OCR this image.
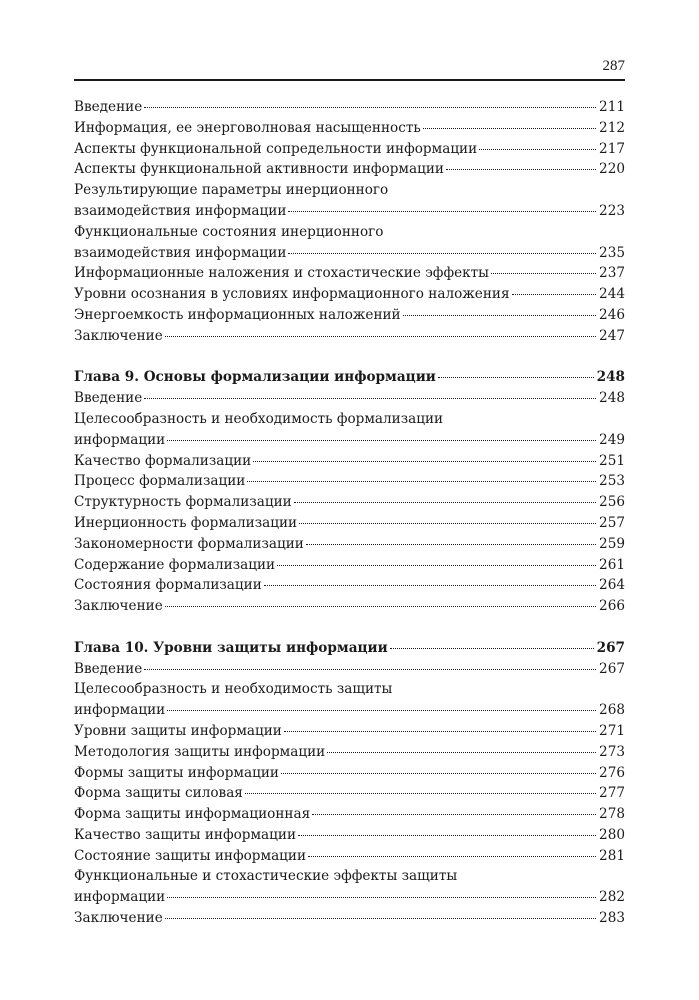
287
Введение	211
Информация, ее энерговолновая насыщенность	212
Аспекты функциональной сопредельности информации	217
Аспекты функциональной активности информации	220
Результирующие параметры инерционного
взаимодействия информации	223
Функциональные состояния инерционного
взаимодействия информации	235
Информационные наложения и стохастические эффекты	237
Уровни осознания в условиях информационного наложения	244
Энергоемкость информационных наложений	246
Заключение	247
Глава 9. Основы формализации информации	248
Введение	248
Целесообразность и необходимость формализации
информации	249
Качество формализации	251
Процесс формализации	253
Структурность формализации	256
Инерционность формализации	257
Закономерности формализации	259
Содержание формализации	261
Состояния формализации	264
Заключение	266
Глава 10. Уровни защиты информации	267
Введение	267
Целесообразность и необходимость защиты
информации	268
Уровни защиты информации	271
Методология защиты информации	273
Формы защиты информации	276
Форма защиты силовая	277
Форма защиты информационная	278
Качество защиты информации	280
Состояние защиты информации	281
Функциональные и стохастические эффекты защиты
информации	282
Заключение	283
